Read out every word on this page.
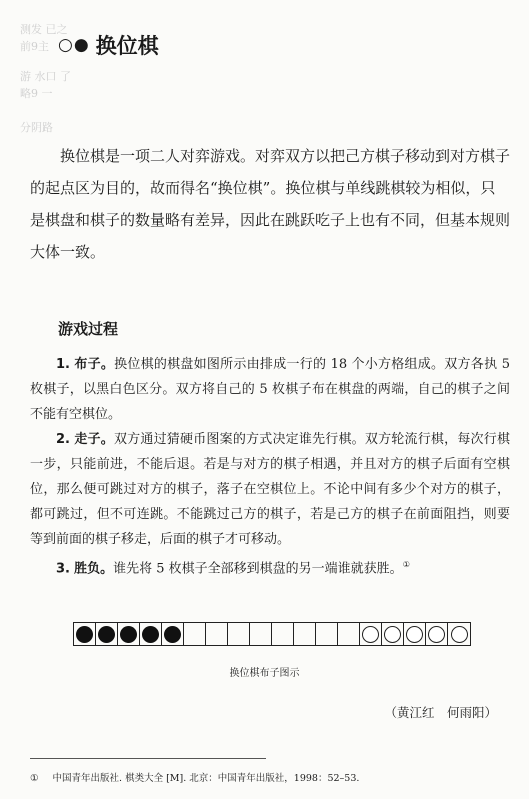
测发 已之
前9主
游 水口 了
略9 一
分阴路
○● 换位棋

换位棋是一项二人对弈游戏。对弈双方以把己方棋子移动到对方棋子的起点区为目的，故而得名“换位棋”。换位棋与单线跳棋较为相似，只是棋盘和棋子的数量略有差异，因此在跳跃吃子上也有不同，但基本规则大体一致。

游戏过程

1. 布子。换位棋的棋盘如图所示由排成一行的 18 个小方格组成。双方各执 5 枚棋子，以黑白色区分。双方将自己的 5 枚棋子布在棋盘的两端，自己的棋子之间不能有空棋位。

2. 走子。双方通过猜硬币图案的方式决定谁先行棋。双方轮流行棋，每次行棋一步，只能前进，不能后退。若是与对方的棋子相遇，并且对方的棋子后面有空棋位，那么便可跳过对方的棋子，落子在空棋位上。不论中间有多少个对方的棋子，都可跳过，但不可连跳。不能跳过己方的棋子，若是己方的棋子在前面阻挡，则要等到前面的棋子移走，后面的棋子才可移动。

3. 胜负。谁先将 5 枚棋子全部移到棋盘的另一端谁就获胜。①

换位棋布子图示
（黄江红　何雨阳）
① 中国青年出版社. 棋类大全 [M]. 北京：中国青年出版社，1998：52–53.
